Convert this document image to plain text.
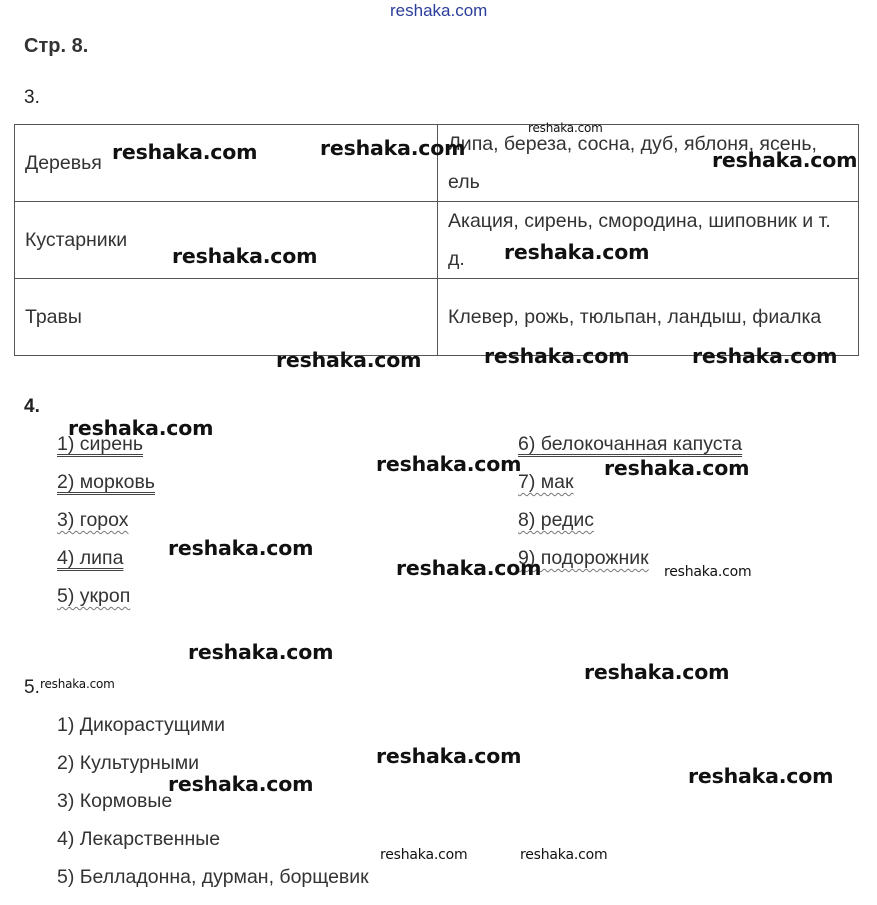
reshaka.com
Стр. 8.
3.
Деревья	Липа, береза, сосна, дуб, яблоня, ясень, ель
Кустарники	Акация, сирень, смородина, шиповник и т. д.
Травы	Клевер, рожь, тюльпан, ландыш, фиалка
4.
1) сирень
2) морковь
3) горох
4) липа
5) укроп
6) белокочанная капуста
7) мак
8) редис
9) подорожник
5.
1) Дикорастущими
2) Культурными
3) Кормовые
4) Лекарственные
5) Белладонна, дурман, борщевик
reshaka.com	reshaka.com
reshaka.com
reshaka.com
reshaka.com	reshaka.com
reshaka.com	reshaka.com	reshaka.com
reshaka.com
reshaka.com	reshaka.com
reshaka.com
reshaka.com	reshaka.com
reshaka.com
reshaka.com
reshaka.com
reshaka.com
reshaka.com	reshaka.com
reshaka.com	reshaka.com
